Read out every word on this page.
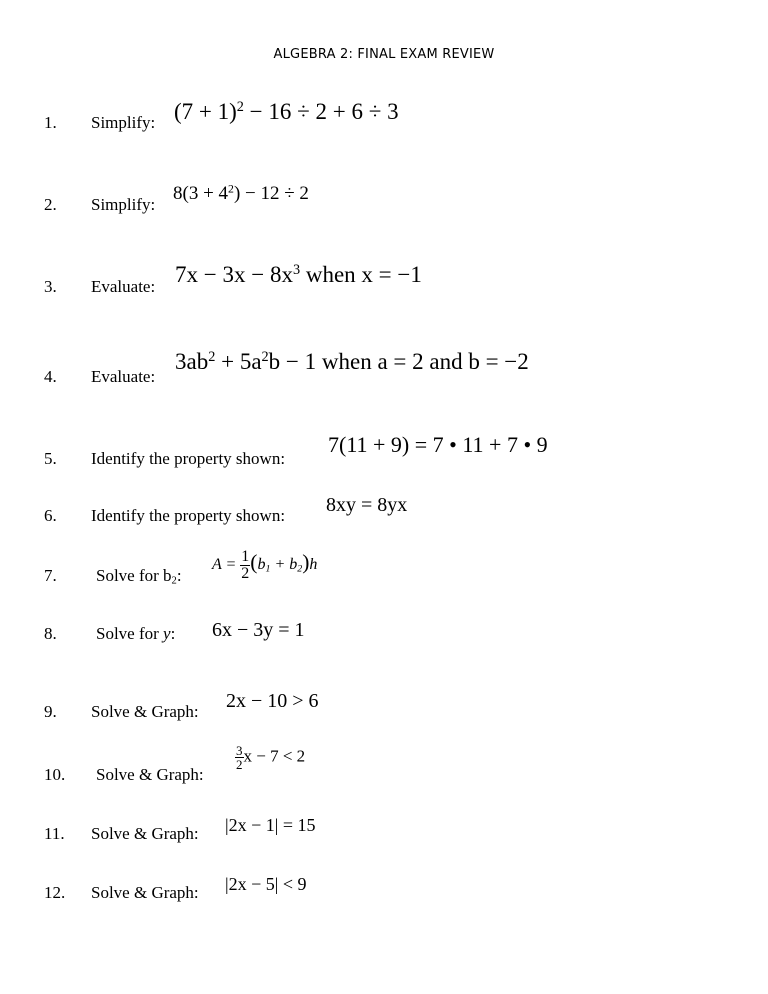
ALGEBRA 2: FINAL EXAM REVIEW
1. Simplify: $(7 + 1)^2 - 16 \div 2 + 6 \div 3$
2. Simplify:
$8(3 + 4^2) - 12 \div 2$
3. Evaluate: $7x - 3x - 8x^3$ when x = −1
4. Evaluate:
$3ab^2 + 5a^2b - 1$ when a = 2 and b = −2
5. Identify the property shown:
7(11 + 9) = 7 • 11 + 7 • 9
6. Identify the property shown: 8xy = 8yx
7. Solve for $b_2$:
$A = \frac{1}{2} (b_1 + b_2)h$
8. Solve for y: 6x − 3y = 1
9. Solve & Graph: 2x − 10 > 6
10. Solve & Graph:
$\frac{3}{2}$ x − 7 < 2
11. Solve & Graph: |2x − 1| = 15
12. Solve & Graph: |2x − 5| < 9
